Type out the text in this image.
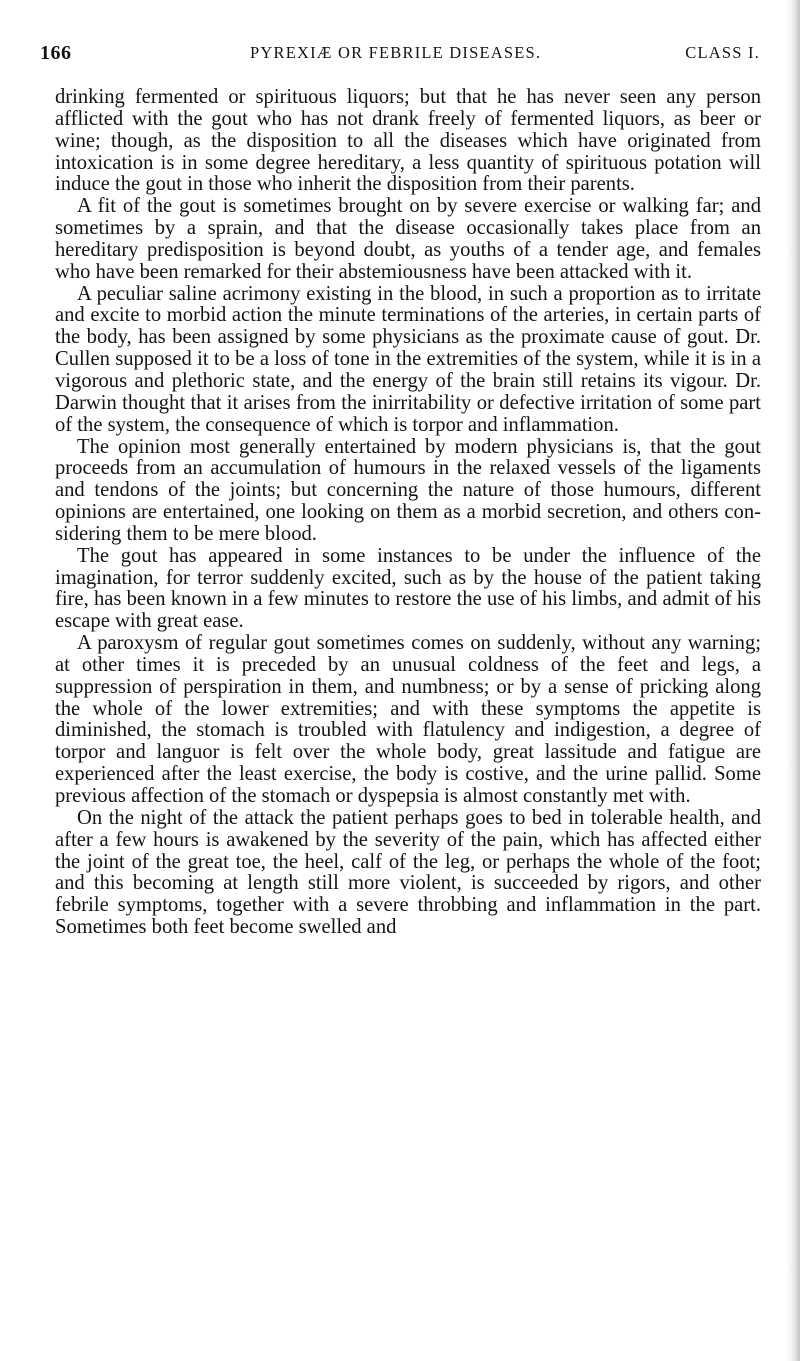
166	PYREXIÆ OR FEBRILE DISEASES.	CLASS I.

drinking fermented or spirituous liquors; but that he has never seen any person afflicted with the gout who has not drank freely of fermented liquors, as beer or wine; though, as the disposition to all the diseases which have originated from intoxication is in some degree hereditary, a less quantity of spirituous potation will induce the gout in those who inherit the disposition from their parents.

A fit of the gout is sometimes brought on by severe exercise or walking far; and sometimes by a sprain, and that the disease occasionally takes place from an hereditary predisposition is beyond doubt, as youths of a tender age, and females who have been remarked for their abstemiousness have been attacked with it.

A peculiar saline acrimony existing in the blood, in such a proportion as to irritate and excite to morbid action the minute terminations of the arteries, in certain parts of the body, has been assigned by some physicians as the proximate cause of gout. Dr. Cullen supposed it to be a loss of tone in the extremities of the system, while it is in a vigorous and plethoric state, and the energy of the brain still retains its vigour. Dr. Darwin thought that it arises from the inirritability or defective irritation of some part of the system, the consequence of which is torpor and inflammation.

The opinion most generally entertained by modern physicians is, that the gout proceeds from an accumulation of humours in the relaxed vessels of the ligaments and tendons of the joints; but concerning the nature of those humours, different opinions are entertained, one looking on them as a morbid secretion, and others considering them to be mere blood.

The gout has appeared in some instances to be under the influence of the imagination, for terror suddenly excited, such as by the house of the patient taking fire, has been known in a few minutes to restore the use of his limbs, and admit of his escape with great ease.

A paroxysm of regular gout sometimes comes on suddenly, without any warning; at other times it is preceded by an unusual coldness of the feet and legs, a suppression of perspiration in them, and numbness; or by a sense of pricking along the whole of the lower extremities; and with these symptoms the appetite is diminished, the stomach is troubled with flatulency and indigestion, a degree of torpor and languor is felt over the whole body, great lassitude and fatigue are experienced after the least exercise, the body is costive, and the urine pallid. Some previous affection of the stomach or dyspepsia is almost constantly met with.

On the night of the attack the patient perhaps goes to bed in tolerable health, and after a few hours is awakened by the severity of the pain, which has affected either the joint of the great toe, the heel, calf of the leg, or perhaps the whole of the foot; and this becoming at length still more violent, is succeeded by rigors, and other febrile symptoms, together with a severe throbbing and inflammation in the part. Sometimes both feet become swelled and
